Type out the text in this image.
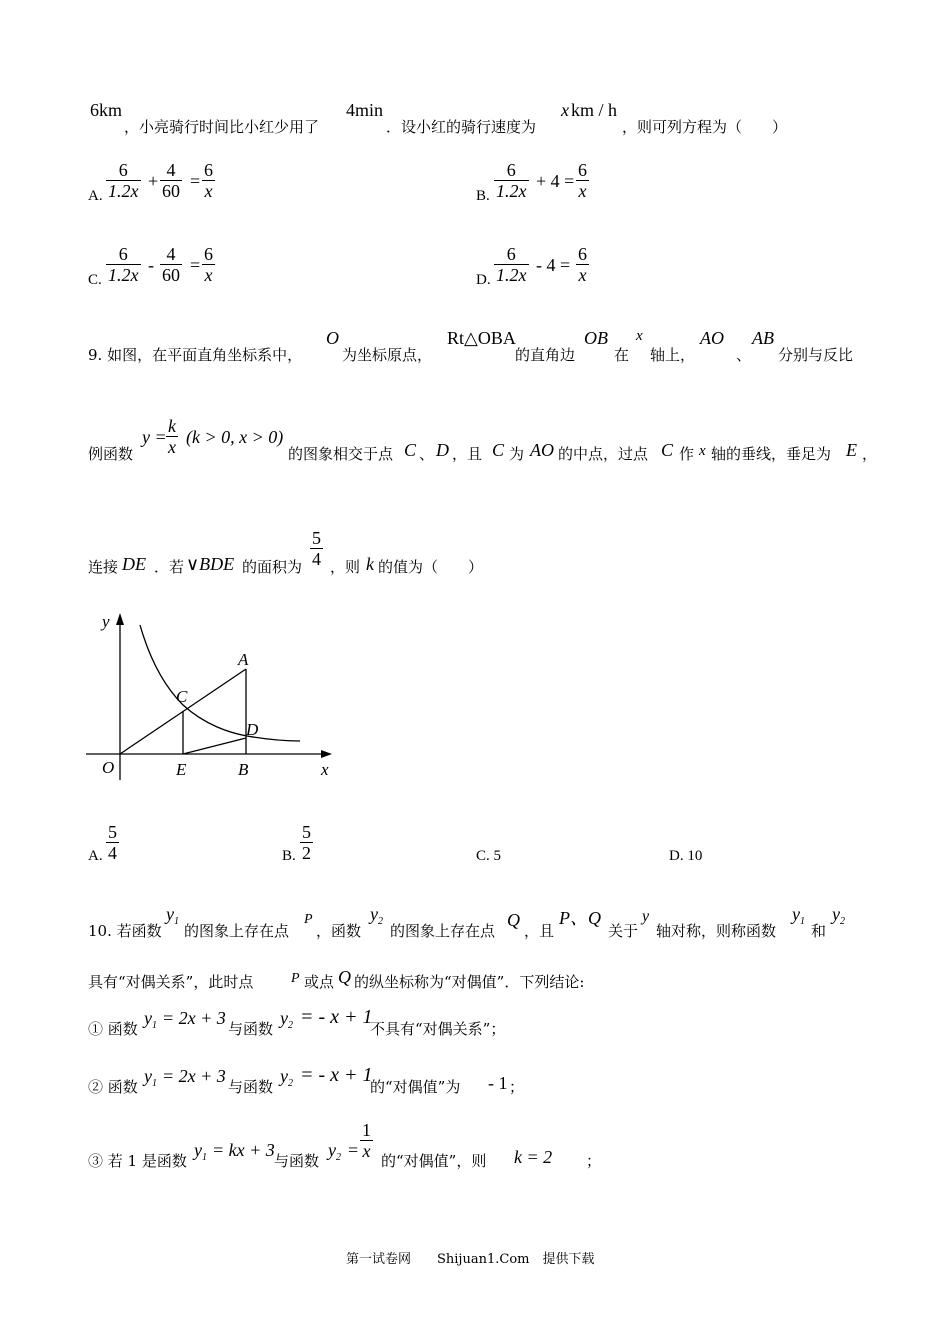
6km
，小亮骑行时间比小红少用了
4min
．设小红的骑行速度为
x km / h
，则可列方程为（　　）
A. $\frac{6}{1.2x} + \frac{4}{60} = \frac{6}{x}$	B. $\frac{6}{1.2x} + 4 = \frac{6}{x}$
C. $\frac{6}{1.2x} - \frac{4}{60} = \frac{6}{x}$	D. $\frac{6}{1.2x} - 4 = \frac{6}{x}$
9. 如图，在平面直角坐标系中，
O
为坐标原点，
Rt△OBA
的直角边
OB
在
x
轴上，
AO
、
AB
分别与反比
例函数
$y = \frac{k}{x} (k > 0$, x > 0)
的图象相交于点 C 、 D ，且 C 为 AO 的中点，过点 C 作 x 轴的垂线，垂足为 E ，
连接 DE ．若 ∨BDE 的面积为 $\frac{5}{4}$ ，则 k 的值为（　　）
y
x
O
A
B
C
D
E
A. $\frac{5}{4}$	B. $\frac{5}{2}$	C. 5	D. 10
10. 若函数
$y_1$
的图象上存在点
P
，函数
$y_2$
的图象上存在点
Q
，且
P、Q
关于
y
轴对称，则称函数
$y_1$
和
$y_2$
具有“对偶关系”，此时点	P 或点 Q 的纵坐标称为“对偶值”．下列结论:
① 函数
$y_1 = 2x + 3$
与函数
$y_2$ = - x + 1
不具有“对偶关系”；
② 函数
$y_1 = 2x + 3$
与函数
$y_2$ = - x + 1
的“对偶值”为 - 1 ；
③ 若 1 是函数
$y_1$ = kx + 3
与函数
$y_2 = \frac{1}{x}$ 的“对偶值”，则 k = 2 ；
第一试卷网　　Shijuan1.Com　提供下载
